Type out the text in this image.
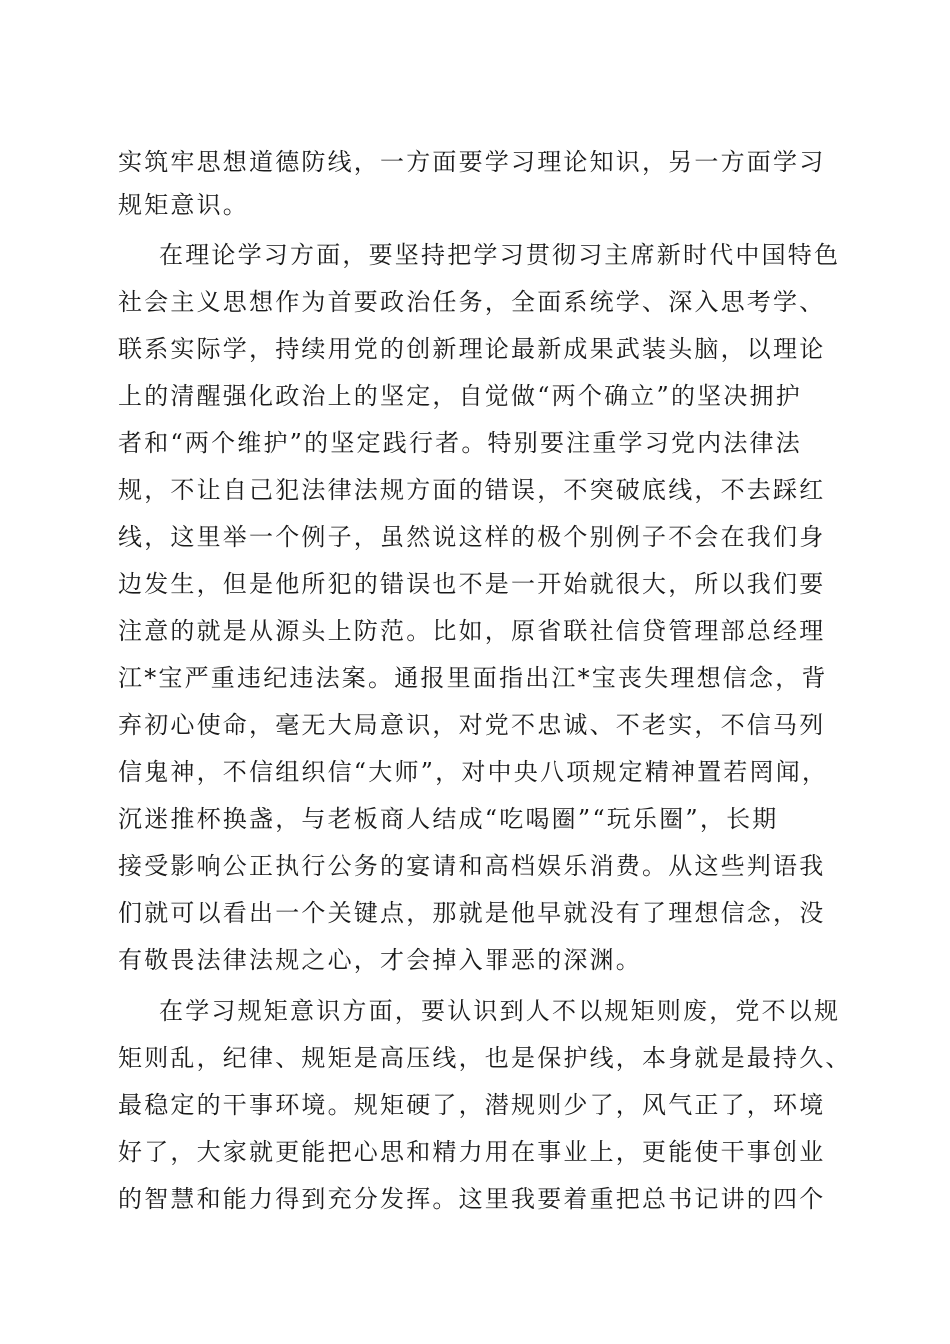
实筑牢思想道德防线，一方面要学习理论知识，另一方面学习
规矩意识。
在理论学习方面，要坚持把学习贯彻习主席新时代中国特色
社会主义思想作为首要政治任务，全面系统学、深入思考学、
联系实际学，持续用党的创新理论最新成果武装头脑，以理论
上的清醒强化政治上的坚定，自觉做“两个确立”的坚决拥护
者和“两个维护”的坚定践行者。特别要注重学习党内法律法
规，不让自己犯法律法规方面的错误，不突破底线，不去踩红
线，这里举一个例子，虽然说这样的极个别例子不会在我们身
边发生，但是他所犯的错误也不是一开始就很大，所以我们要
注意的就是从源头上防范。比如，原省联社信贷管理部总经理
江*宝严重违纪违法案。通报里面指出江*宝丧失理想信念，背
弃初心使命，毫无大局意识，对党不忠诚、不老实，不信马列
信鬼神，不信组织信“大师”，对中央八项规定精神置若罔闻，
沉迷推杯换盏，与老板商人结成“吃喝圈”“玩乐圈”，长期
接受影响公正执行公务的宴请和高档娱乐消费。从这些判语我
们就可以看出一个关键点，那就是他早就没有了理想信念，没
有敬畏法律法规之心，才会掉入罪恶的深渊。
在学习规矩意识方面，要认识到人不以规矩则废，党不以规
矩则乱，纪律、规矩是高压线，也是保护线，本身就是最持久、
最稳定的干事环境。规矩硬了，潜规则少了，风气正了，环境
好了，大家就更能把心思和精力用在事业上，更能使干事创业
的智慧和能力得到充分发挥。这里我要着重把总书记讲的四个
